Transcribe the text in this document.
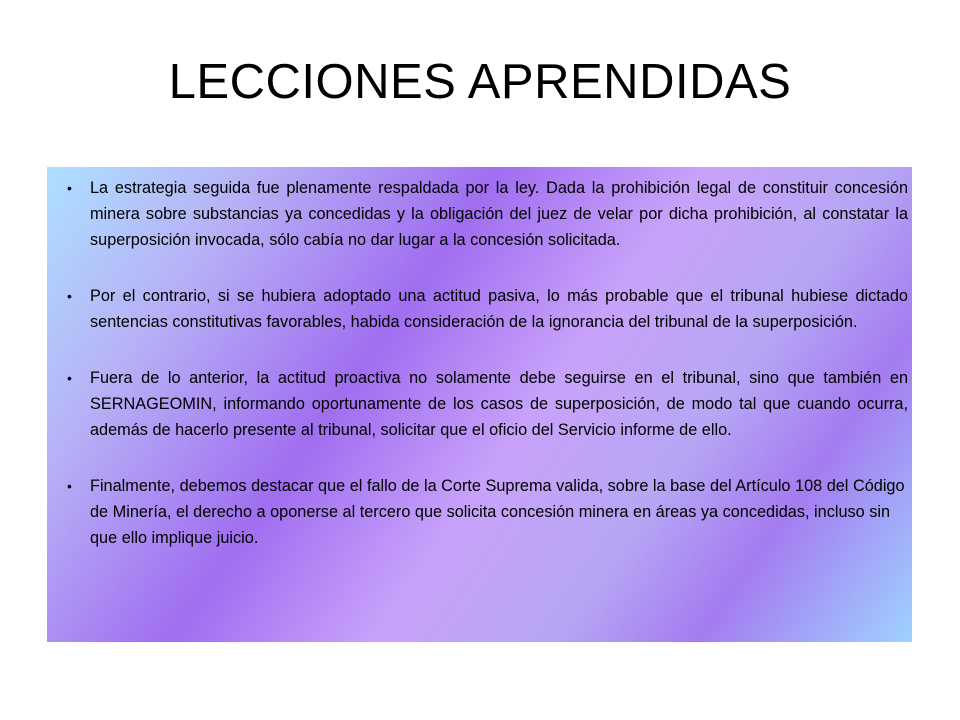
LECCIONES APRENDIDAS
• La estrategia seguida fue plenamente respaldada por la ley. Dada la prohibición legal de constituir concesión minera sobre substancias ya concedidas y la obligación del juez de velar por dicha prohibición, al constatar la superposición invocada, sólo cabía no dar lugar a la concesión solicitada.
• Por el contrario, si se hubiera adoptado una actitud pasiva, lo más probable que el tribunal hubiese dictado sentencias constitutivas favorables, habida consideración de la ignorancia del tribunal de la superposición.
• Fuera de lo anterior, la actitud proactiva no solamente debe seguirse en el tribunal, sino que también en SERNAGEOMIN, informando oportunamente de los casos de superposición, de modo tal que cuando ocurra, además de hacerlo presente al tribunal, solicitar que el oficio del Servicio informe de ello.
• Finalmente, debemos destacar que el fallo de la Corte Suprema valida, sobre la base del Artículo 108 del Código de Minería, el derecho a oponerse al tercero que solicita concesión minera en áreas ya concedidas, incluso sin que ello implique juicio.
